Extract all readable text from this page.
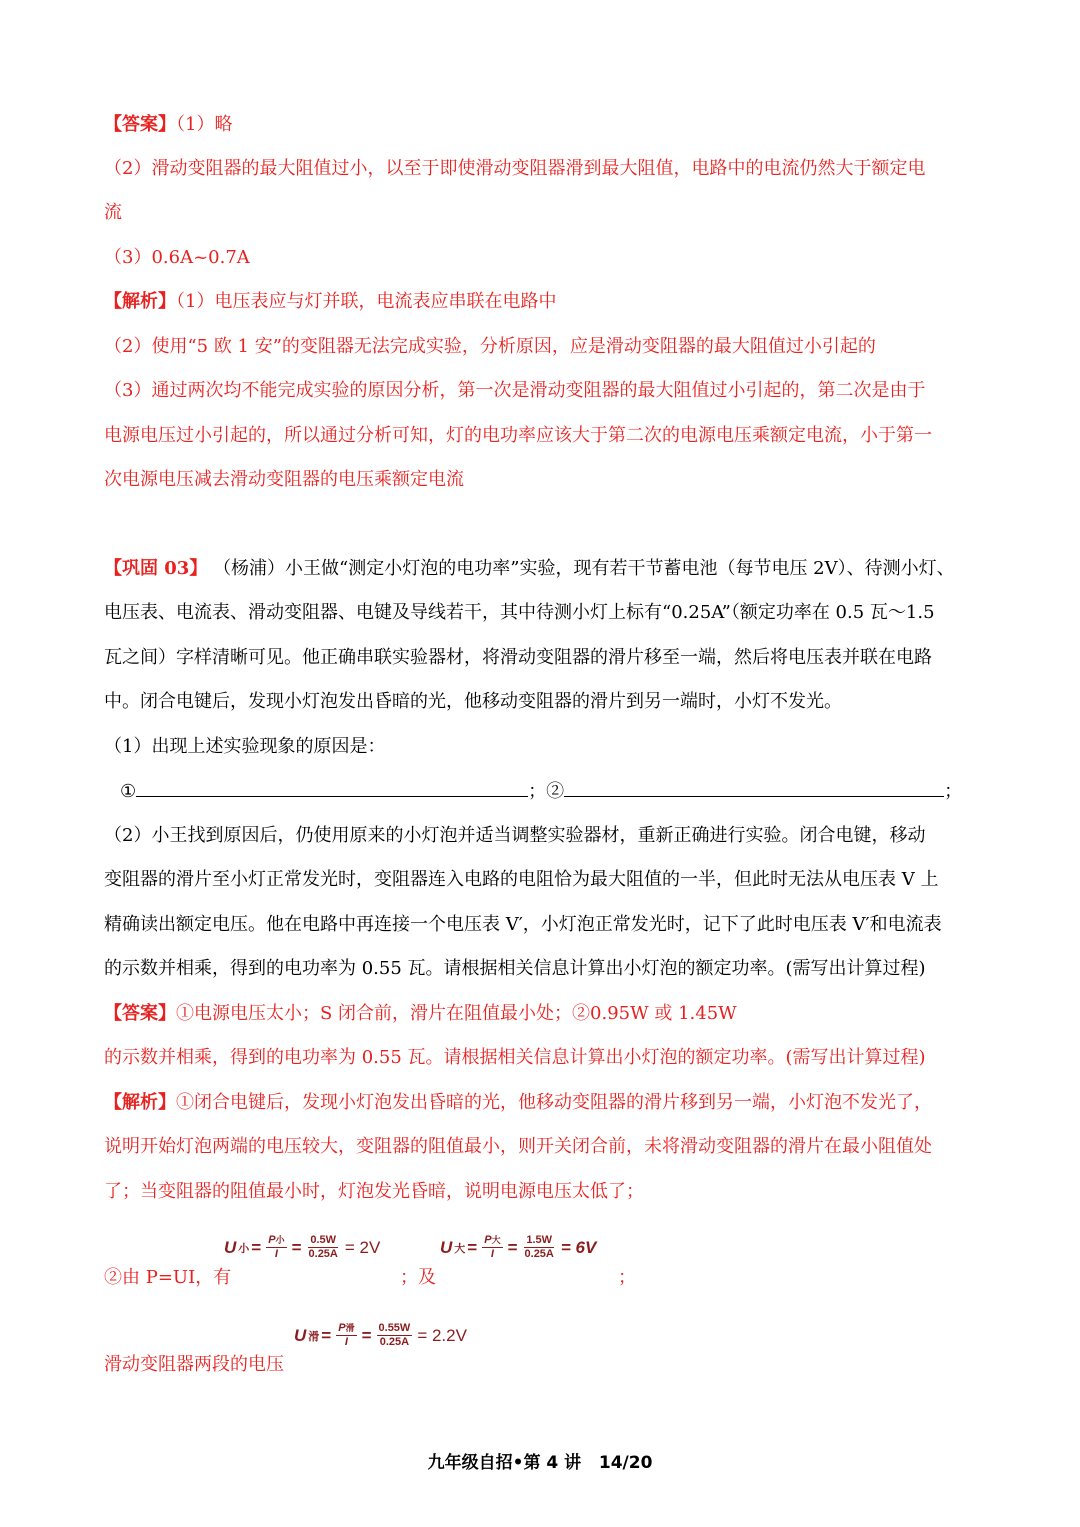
【答案】（1）略
（2）滑动变阻器的最大阻值过小，以至于即使滑动变阻器滑到最大阻值，电路中的电流仍然大于额定电
流
（3）0.6A~0.7A
【解析】（1）电压表应与灯并联，电流表应串联在电路中
（2）使用“5 欧 1 安”的变阻器无法完成实验，分析原因，应是滑动变阻器的最大阻值过小引起的
（3）通过两次均不能完成实验的原因分析，第一次是滑动变阻器的最大阻值过小引起的，第二次是由于
电源电压过小引起的，所以通过分析可知，灯的电功率应该大于第二次的电源电压乘额定电流，小于第一
次电源电压减去滑动变阻器的电压乘额定电流
【巩固 03】 （杨浦）小王做“测定小灯泡的电功率”实验，现有若干节蓄电池（每节电压 2V）、待测小灯、
电压表、电流表、滑动变阻器、电键及导线若干，其中待测小灯上标有“0.25A”（额定功率在 0.5 瓦～1.5
瓦之间）字样清晰可见。他正确串联实验器材，将滑动变阻器的滑片移至一端，然后将电压表并联在电路
中。闭合电键后，发现小灯泡发出昏暗的光，他移动变阻器的滑片到另一端时，小灯不发光。
（1）出现上述实验现象的原因是：
①	；②	；
（2）小王找到原因后，仍使用原来的小灯泡并适当调整实验器材，重新正确进行实验。闭合电键，移动
变阻器的滑片至小灯正常发光时，变阻器连入电路的电阻恰为最大阻值的一半，但此时无法从电压表 V 上
精确读出额定电压。他在电路中再连接一个电压表 V′，小灯泡正常发光时，记下了此时电压表 V′和电流表
的示数并相乘，得到的电功率为 0.55 瓦。请根据相关信息计算出小灯泡的额定功率。(需写出计算过程)
【答案】①电源电压太小；S 闭合前，滑片在阻值最小处；②0.95W 或 1.45W
的示数并相乘，得到的电功率为 0.55 瓦。请根据相关信息计算出小灯泡的额定功率。(需写出计算过程)
【解析】①闭合电键后，发现小灯泡发出昏暗的光，他移动变阻器的滑片移到另一端，小灯泡不发光了，
说明开始灯泡两端的电压较大，变阻器的阻值最小，则开关闭合前，未将滑动变阻器的滑片在最小阻值处
了；当变阻器的阻值最小时，灯泡发光昏暗，说明电源电压太低了；
②由 P=UI，有
U 小 = $\frac{\text{P小}}{I} = \frac{0.5W}{0.25A} = 2V$
；及
U 大 = $\frac{\text{P大}}{I} = \frac{1.5W}{0.25A} = 6V$
；
滑动变阻器两段的电压
U 滑 = $\frac{\text{P滑}}{I} = \frac{0.55W}{0.25A} = 2.2V$
九年级自招•第 4 讲 14/20
